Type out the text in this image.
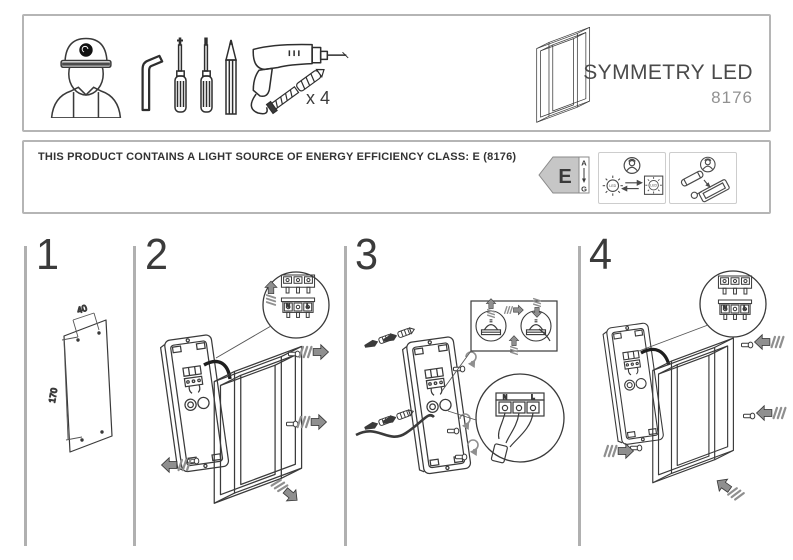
x 4
SYMMETRY LED
8176
THIS PRODUCT CONTAINS A LIGHT SOURCE OF ENERGY EFFICIENCY CLASS: E (8176)
E
A
G	LED	LED
1 2	3	4
40
170
N	L
N	L
N	L
